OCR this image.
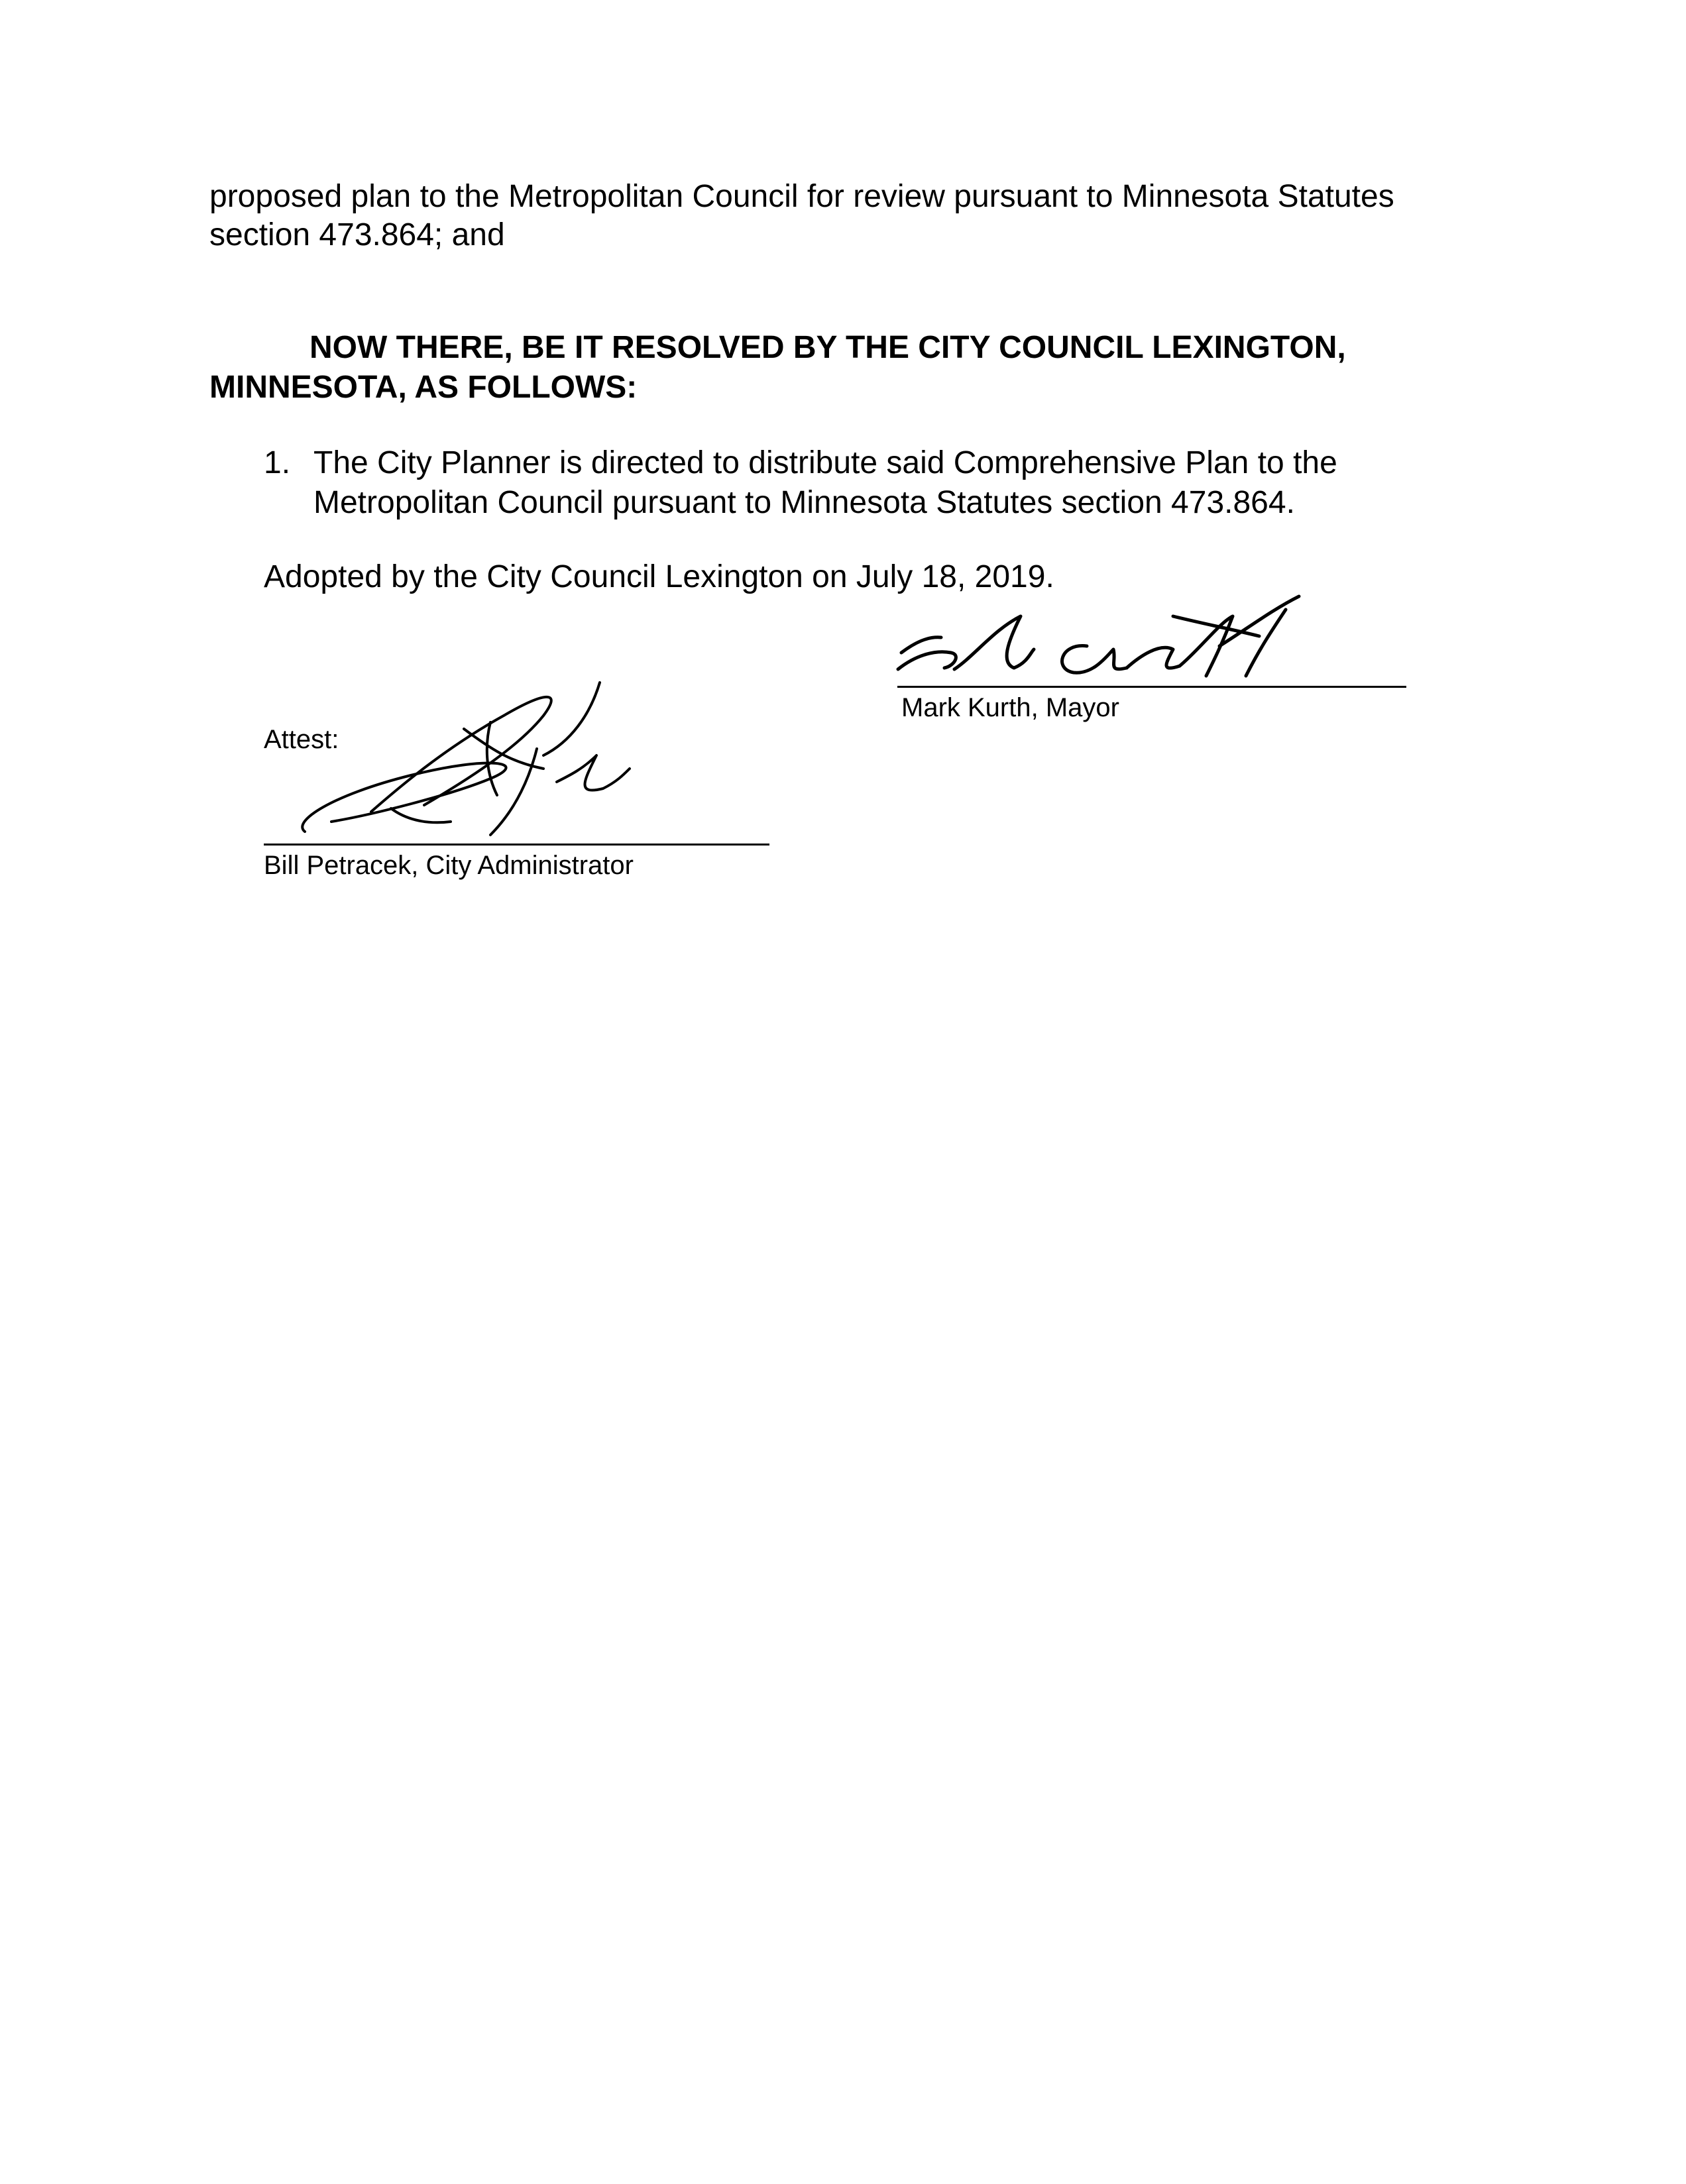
proposed plan to the Metropolitan Council for review pursuant to Minnesota Statutes
section 473.864; and
NOW THERE, BE IT RESOLVED BY THE CITY COUNCIL LEXINGTON,
MINNESOTA, AS FOLLOWS:
1. The City Planner is directed to distribute said Comprehensive Plan to the
Metropolitan Council pursuant to Minnesota Statutes section 473.864.
Adopted by the City Council Lexington on July 18, 2019.
Mark Kurth, Mayor
Attest:
Bill Petracek, City Administrator
